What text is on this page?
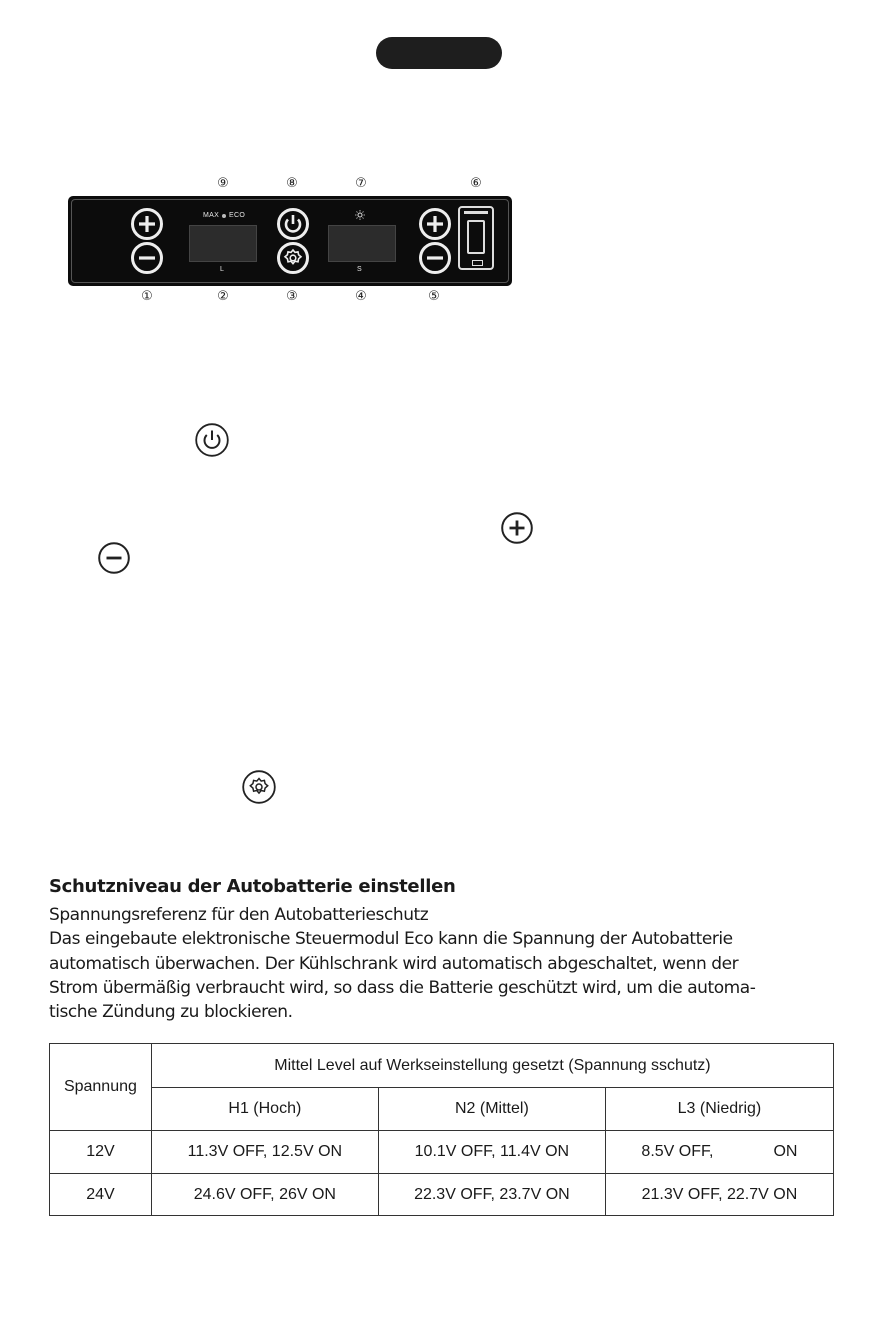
⑨	⑧	⑦	⑥
MAX ECO
L	S
①	②	③	④	⑤
Schutzniveau der Autobatterie einstellen
Spannungsreferenz für den Autobatterieschutz
Das eingebaute elektronische Steuermodul Eco kann die Spannung der Autobatterie
automatisch überwachen. Der Kühlschrank wird automatisch abgeschaltet, wenn der
Strom übermäßig verbraucht wird, so dass die Batterie geschützt wird, um die automa-
tische Zündung zu blockieren.
Spannung	Mittel Level auf Werkseinstellung gesetzt (Spannung sschutz)		
	H1 (Hoch)	N2 (Mittel)	L3 (Niedrig)
12V	11.3V OFF, 12.5V ON	10.1V OFF, 11.4V ON	8.5V OFF, ON
24V	24.6V OFF, 26V ON	22.3V OFF, 23.7V ON	21.3V OFF, 22.7V ON
